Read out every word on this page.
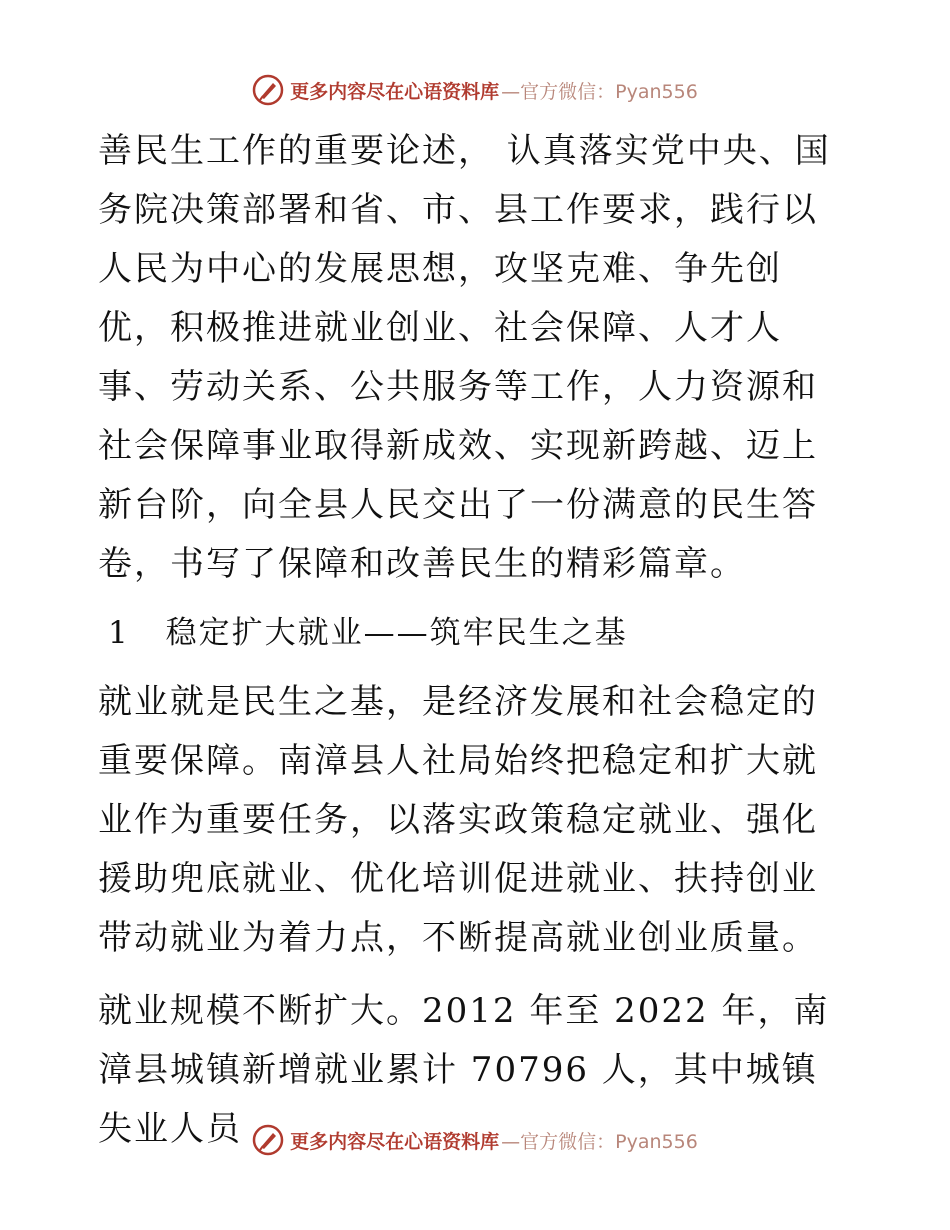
更多内容尽在心语资料库 —官方微信：Pyan556

善民生工作的重要论述， 认真落实党中央、国务院决策部署和省、市、县工作要求，践行以人民为中心的发展思想，攻坚克难、争先创优，积极推进就业创业、社会保障、人才人事、劳动关系、公共服务等工作，人力资源和社会保障事业取得新成效、实现新跨越、迈上新台阶，向全县人民交出了一份满意的民生答卷，书写了保障和改善民生的精彩篇章。

1 稳定扩大就业——筑牢民生之基

就业就是民生之基，是经济发展和社会稳定的重要保障。南漳县人社局始终把稳定和扩大就业作为重要任务，以落实政策稳定就业、强化援助兜底就业、优化培训促进就业、扶持创业带动就业为着力点，不断提高就业创业质量。

就业规模不断扩大。2012 年至 2022 年，南漳县城镇新增就业累计 70796 人，其中城镇失业人员	更多内容尽在心语资料库 —官方微信：Pyan556
